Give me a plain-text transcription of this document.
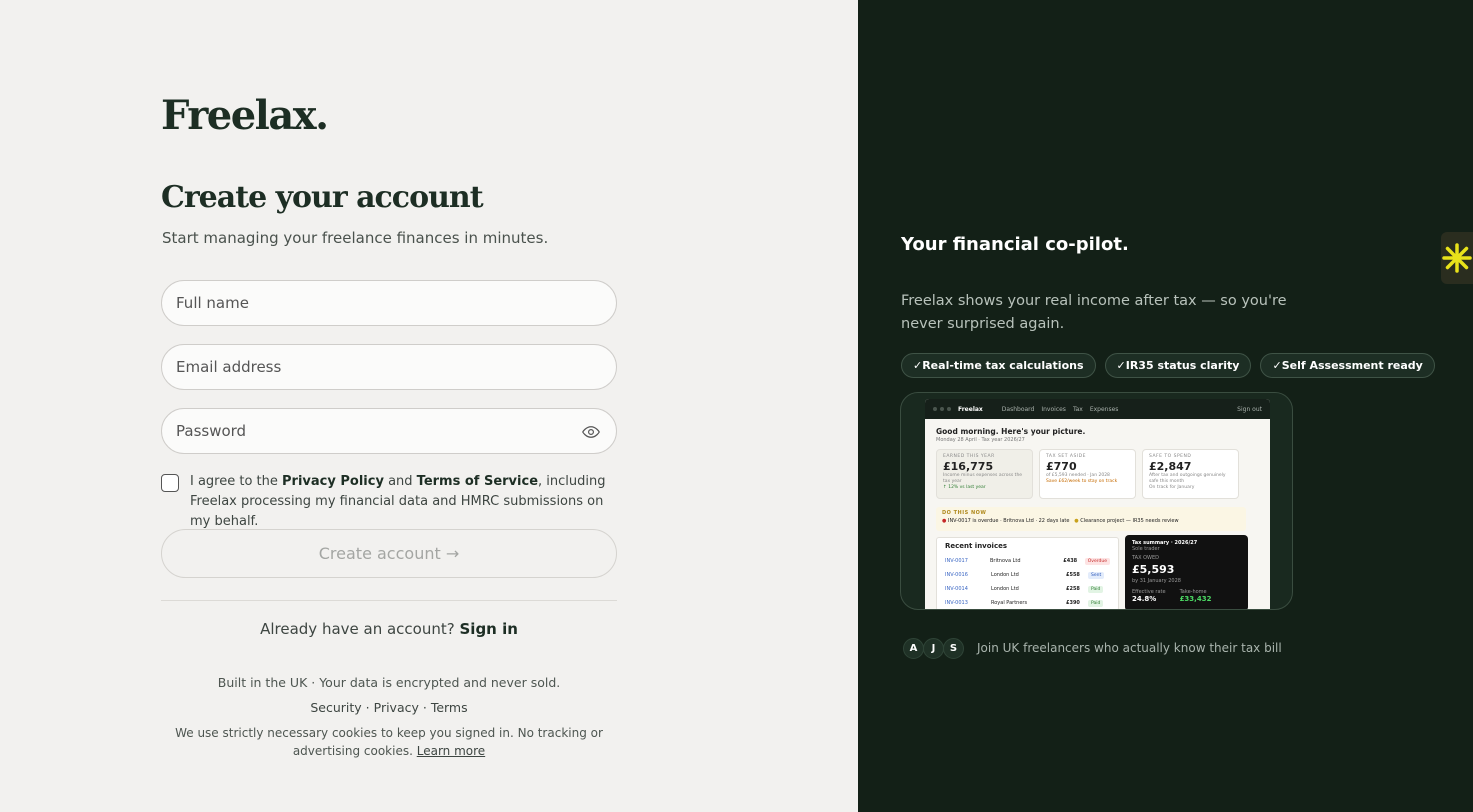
Freelax.
Create your account

Start managing your freelance finances in minutes.

Full name
Email address

I agree to the Privacy Policy and Terms of Service, including Freelax processing my financial data and HMRC submissions on my behalf.

Create account →

Already have an account? Sign in

Built in the UK · Your data is encrypted and never sold.

Security · Privacy · Terms

We use strictly necessary cookies to keep you signed in. No tracking or advertising cookies. Learn more

Your financial co-pilot.

Freelax shows your real income after tax — so you're never surprised again.

✓Real-time tax calculations	✓IR35 status clarity	✓Self Assessment ready
Freelax	Dashboard Invoices Tax Expenses	Sign out
Good morning. Here's your picture.
Monday 28 April · Tax year 2026/27
EARNED THIS YEAR
£16,775
Income minus expenses across the tax year
↑ 12% vs last year
TAX SET ASIDE
£770
of £5,593 needed · Jan 2028
Save £62/week to stay on track
SAFE TO SPEND
£2,847
After tax and outgoings genuinely safe this month
On track for January
DO THIS NOW
● INV-0017 is overdue · Britnova Ltd · 22 days late ● Clearance project — IR35 needs review
Recent invoices
INV-0017	Britnova Ltd	£438	Overdue
INV-0016	London Ltd	£558	Sent
INV-0014	London Ltd	£258	Paid
INV-0013	Royal Partners	£390	Paid
Tax summary · 2026/27
Sole trader
TAX OWED
£5,593
by 31 January 2028
Effective rate
24.8%
Take-home
£33,432
A	J	S	Join UK freelancers who actually know their tax bill
